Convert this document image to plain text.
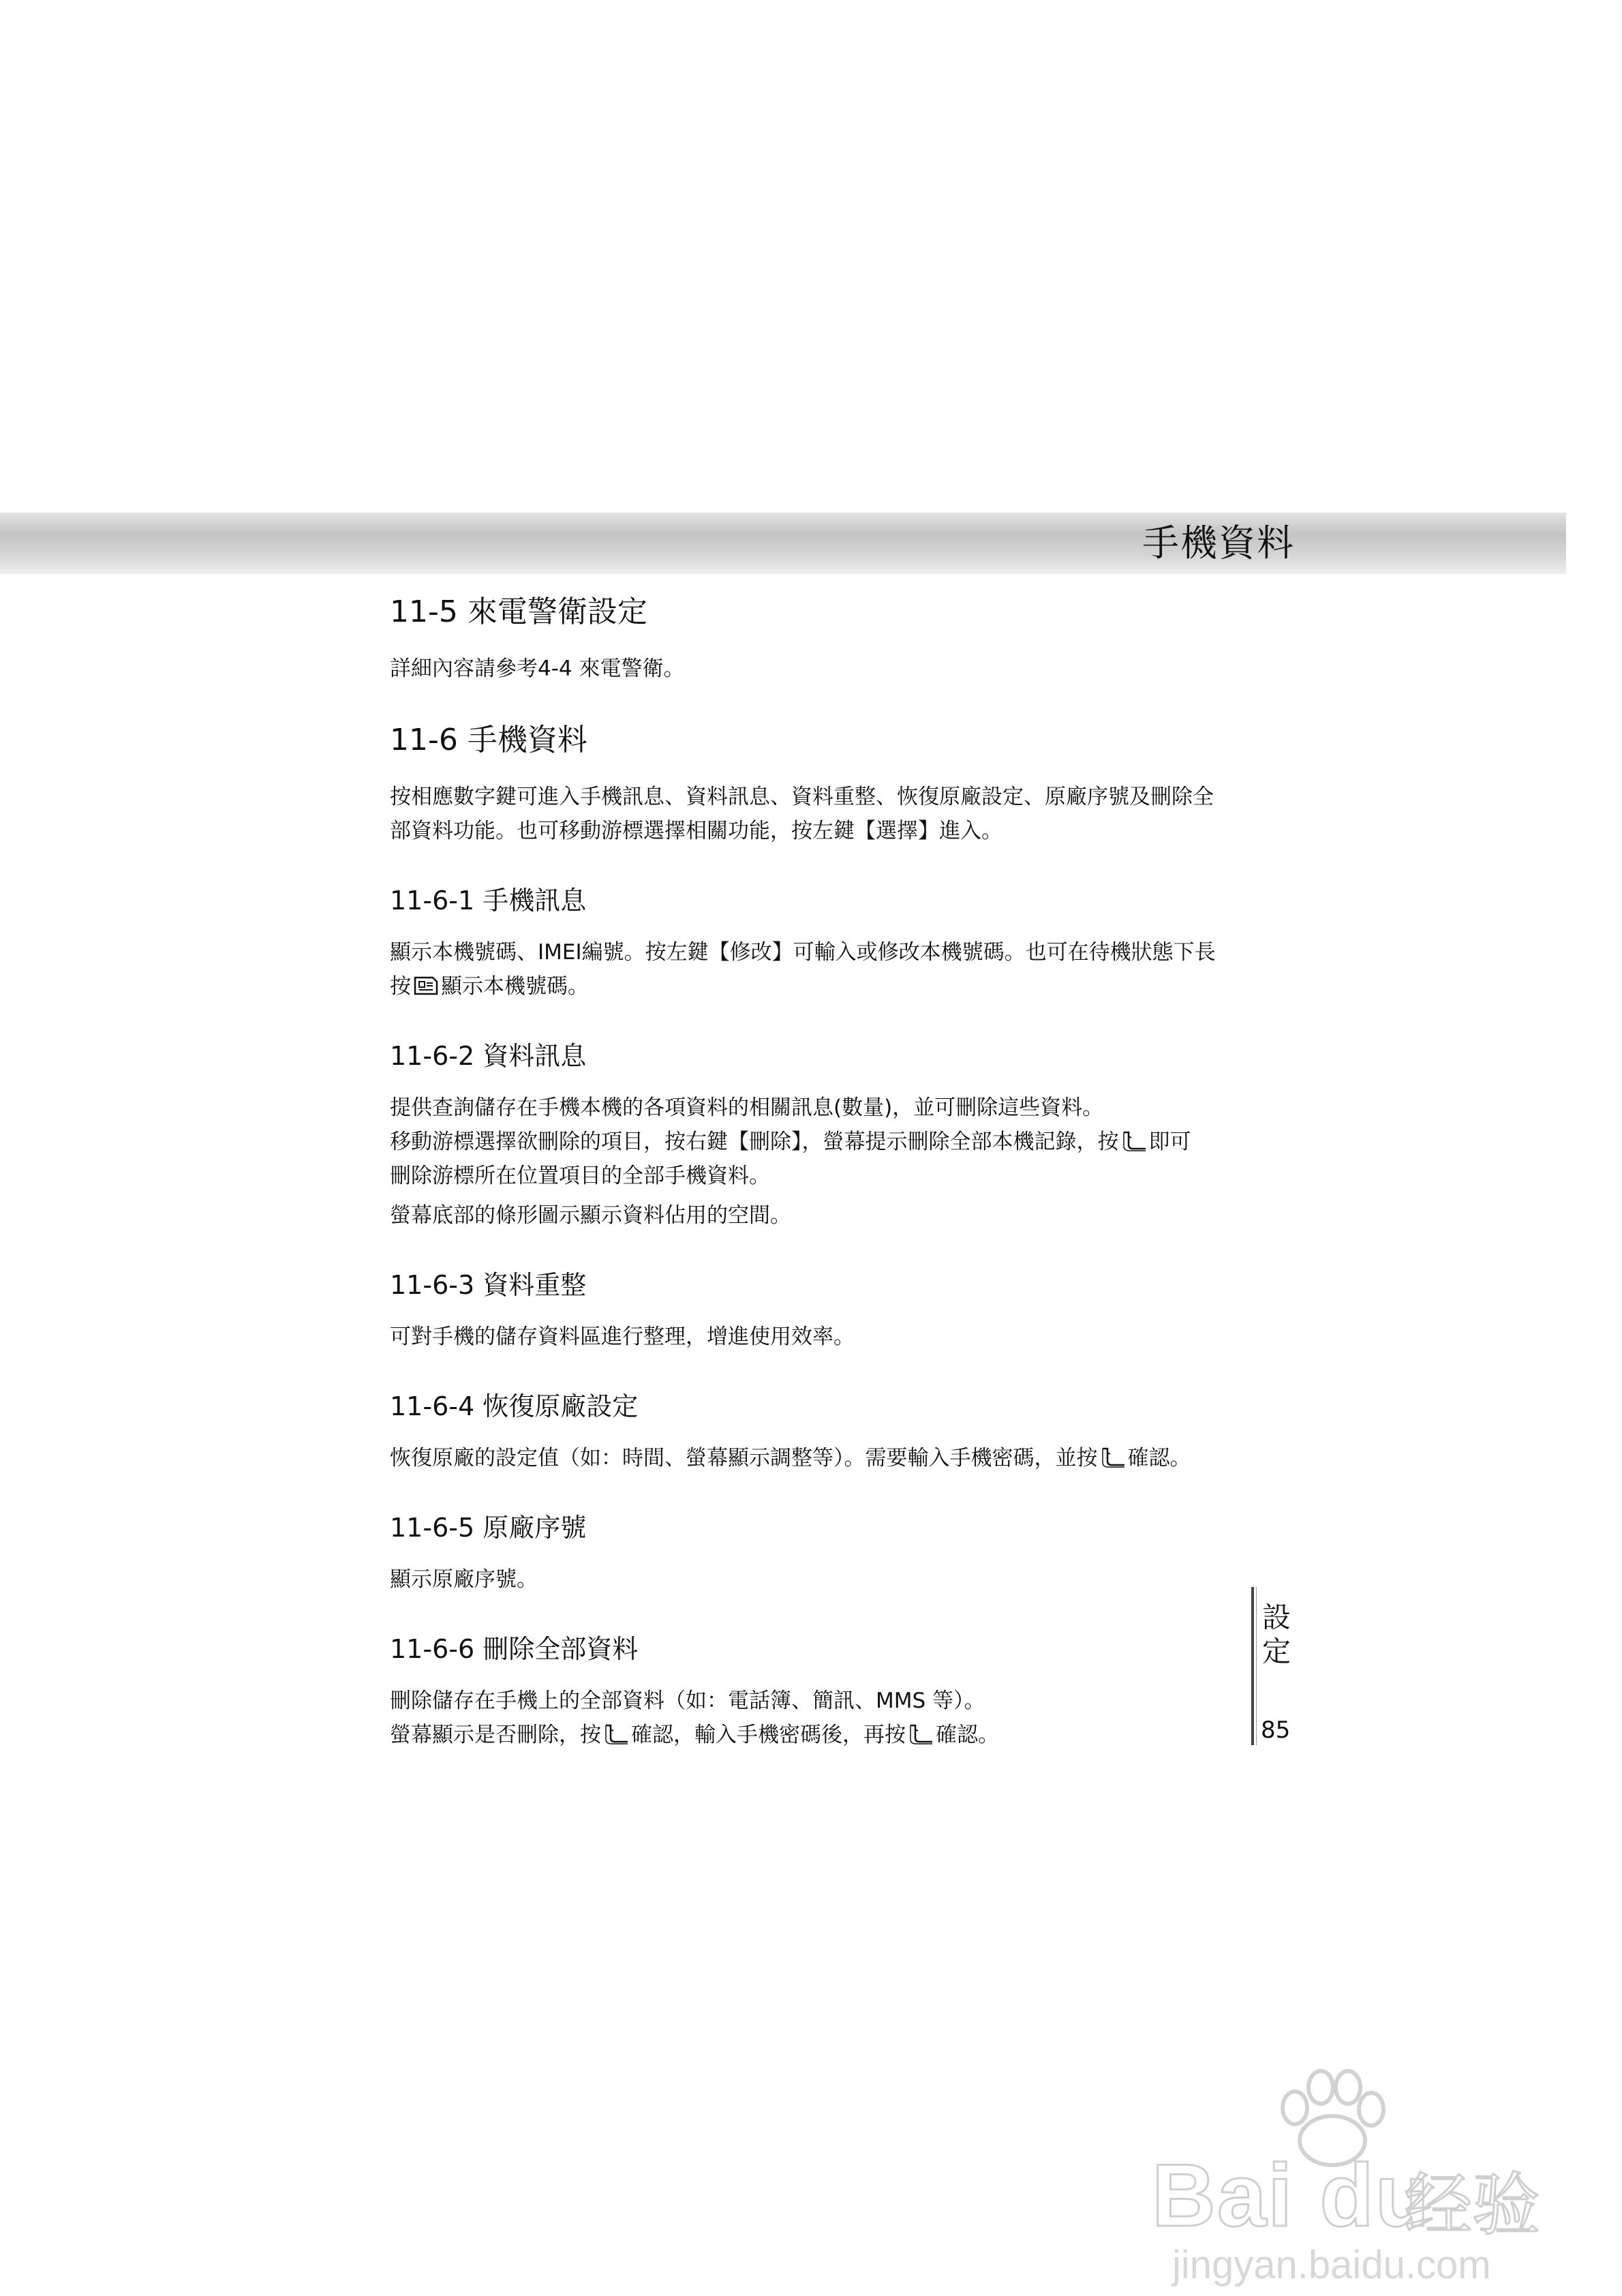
手機資料
11-5 來電警衛設定

詳細內容請參考4-4 來電警衛。

11-6 手機資料

按相應數字鍵可進入手機訊息、資料訊息、資料重整、恢復原廠設定、原廠序號及刪除全

部資料功能。也可移動游標選擇相關功能，按左鍵【選擇】進入。

11-6-1 手機訊息

顯示本機號碼、IMEI編號。按左鍵【修改】可輸入或修改本機號碼。也可在待機狀態下長

按 顯示本機號碼。

11-6-2 資料訊息

提供查詢儲存在手機本機的各項資料的相關訊息(數量)，並可刪除這些資料。

移動游標選擇欲刪除的項目，按右鍵【刪除】，螢幕提示刪除全部本機記錄，按 即可

刪除游標所在位置項目的全部手機資料。

螢幕底部的條形圖示顯示資料佔用的空間。

11-6-3 資料重整

可對手機的儲存資料區進行整理，增進使用效率。

11-6-4 恢復原廠設定

恢復原廠的設定值（如：時間、螢幕顯示調整等）。需要輸入手機密碼，並按 確認。

11-6-5 原廠序號

顯示原廠序號。

11-6-6 刪除全部資料

刪除儲存在手機上的全部資料（如：電話簿、簡訊、MMS 等）。

螢幕顯示是否刪除，按 確認，輸入手機密碼後，再按 確認。

設
定
85
Bai du
经验
jingyan.baidu.com
